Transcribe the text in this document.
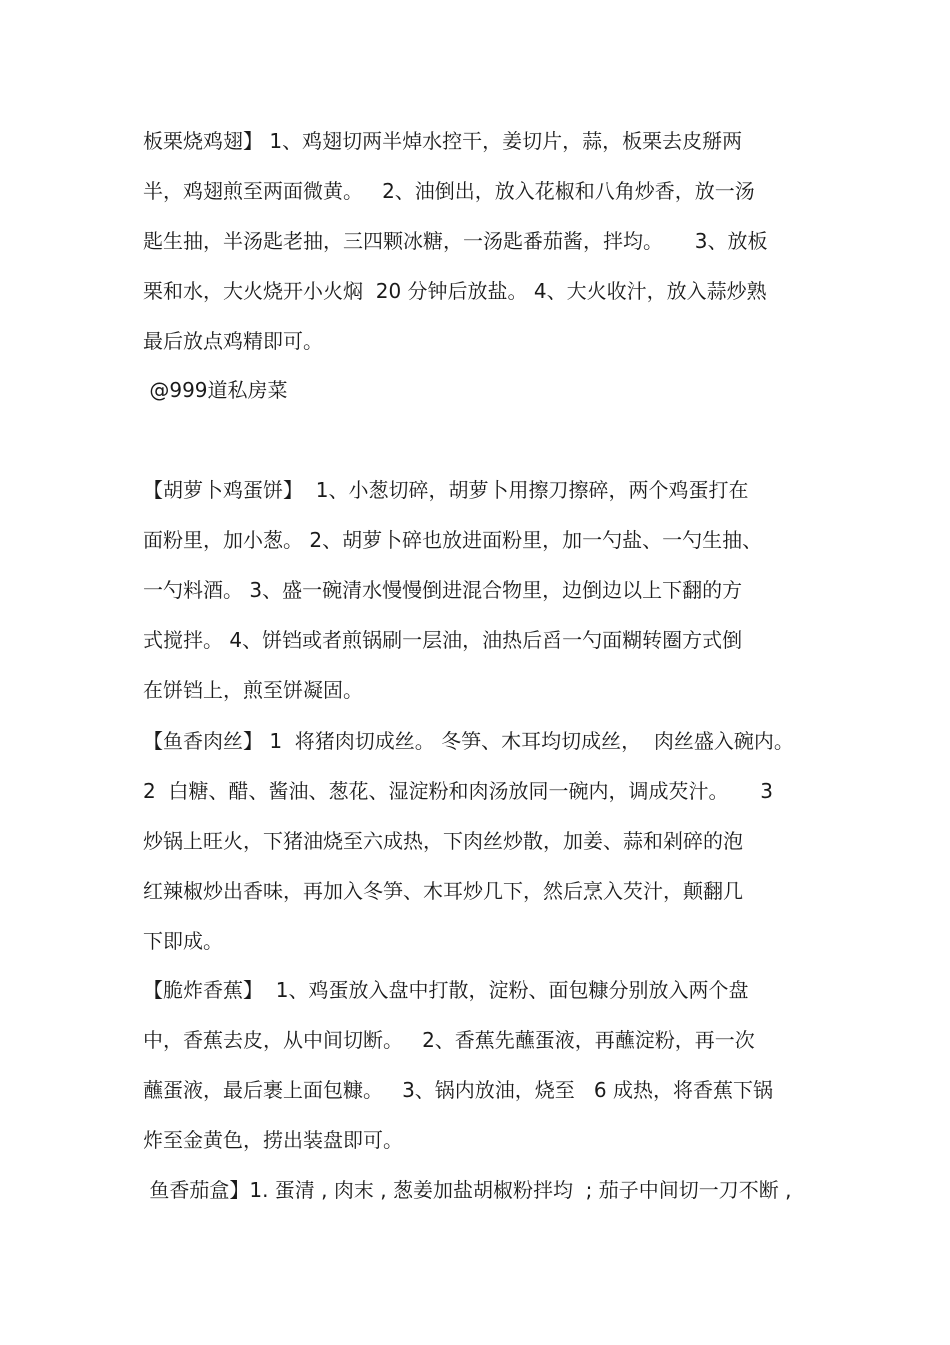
板栗烧鸡翅】 1、鸡翅切两半焯水控干，姜切片，蒜，板栗去皮掰两
半，鸡翅煎至两面微黄。   2、油倒出，放入花椒和八角炒香，放一汤
匙生抽，半汤匙老抽，三四颗冰糖，一汤匙番茄酱，拌均。     3、放板
栗和水，大火烧开小火焖  20 分钟后放盐。 4、大火收汁，放入蒜炒熟
最后放点鸡精即可。
@999道私房菜
【胡萝卜鸡蛋饼】  1、小葱切碎，胡萝卜用擦刀擦碎，两个鸡蛋打在
面粉里，加小葱。 2、胡萝卜碎也放进面粉里，加一勺盐、一勺生抽、
一勺料酒。 3、盛一碗清水慢慢倒进混合物里，边倒边以上下翻的方
式搅拌。 4、饼铛或者煎锅刷一层油，油热后舀一勺面糊转圈方式倒
在饼铛上，煎至饼凝固。
【鱼香肉丝】 1  将猪肉切成丝。 冬笋、木耳均切成丝，  肉丝盛入碗内。
2  白糖、醋、酱油、葱花、湿淀粉和肉汤放同一碗内，调成芡汁。     3
炒锅上旺火，下猪油烧至六成热，下肉丝炒散，加姜、蒜和剁碎的泡
红辣椒炒出香味，再加入冬笋、木耳炒几下，然后烹入芡汁，颠翻几
下即成。
【脆炸香蕉】  1、鸡蛋放入盘中打散，淀粉、面包糠分别放入两个盘
中，香蕉去皮，从中间切断。   2、香蕉先蘸蛋液，再蘸淀粉，再一次
蘸蛋液，最后裹上面包糠。   3、锅内放油，烧至   6 成热，将香蕉下锅
炸至金黄色，捞出装盘即可。
鱼香茄盒】1. 蛋清 , 肉末 , 葱姜加盐胡椒粉拌均  ; 茄子中间切一刀不断 ,
